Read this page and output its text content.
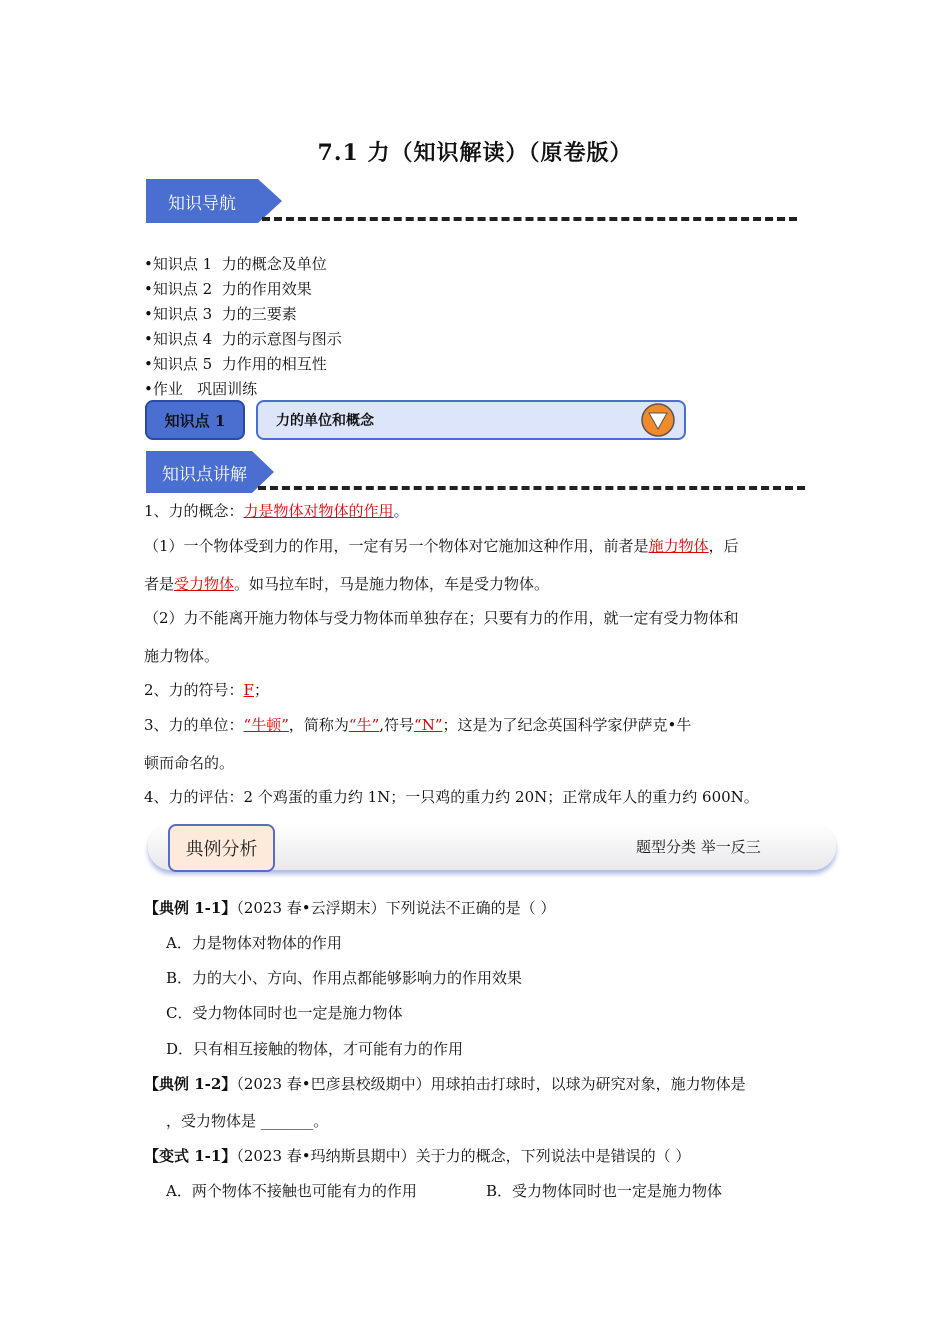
7.1 力（知识解读）（原卷版）
知识导航
•知识点 1  力的概念及单位
•知识点 2  力的作用效果
•知识点 3  力的三要素
•知识点 4  力的示意图与图示
•知识点 5  力作用的相互性
•作业   巩固训练
知识点 1	力的单位和概念
知识点讲解
1、力的概念：力是物体对物体的作用。
（1）一个物体受到力的作用，一定有另一个物体对它施加这种作用，前者是施力物体，后
者是受力物体。如马拉车时，马是施力物体，车是受力物体。
（2）力不能离开施力物体与受力物体而单独存在；只要有力的作用，就一定有受力物体和
施力物体。
2、力的符号：F；
3、力的单位：“牛顿”，简称为“牛”,符号“N”；这是为了纪念英国科学家伊萨克•牛
顿而命名的。
4、力的评估：2 个鸡蛋的重力约 1N；一只鸡的重力约 20N；正常成年人的重力约 600N。
典例分析	题型分类 举一反三
【典例 1-1】（2023 春•云浮期末）下列说法不正确的是（ ）
A．力是物体对物体的作用
B．力的大小、方向、作用点都能够影响力的作用效果
C．受力物体同时也一定是施力物体
D．只有相互接触的物体，才可能有力的作用
【典例 1-2】（2023 春•巴彦县校级期中）用球拍击打球时，以球为研究对象，施力物体是
，受力物体是 _______。
【变式 1-1】（2023 春•玛纳斯县期中）关于力的概念，下列说法中是错误的（ ）
A．两个物体不接触也可能有力的作用	B．受力物体同时也一定是施力物体
